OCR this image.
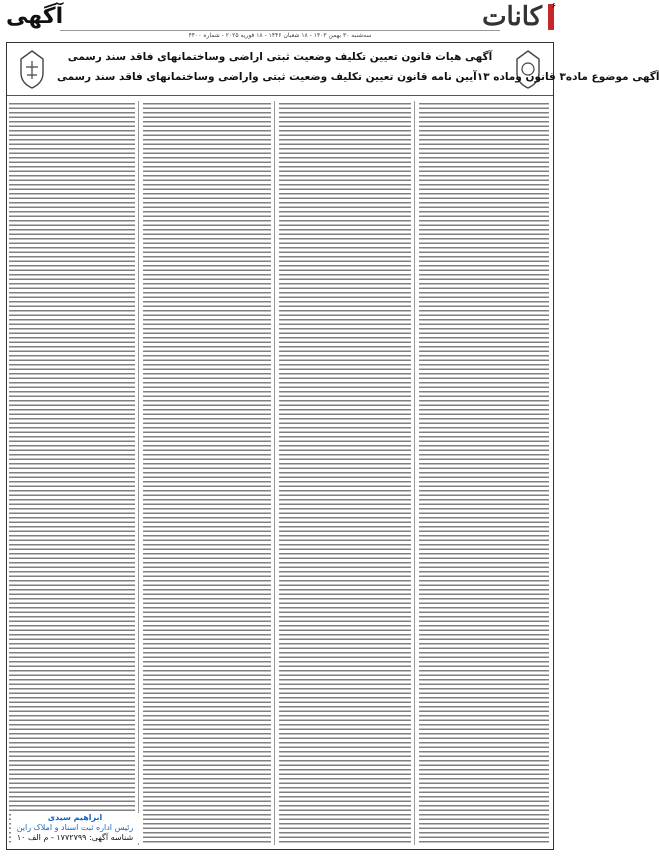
آگهی	کانات ۶
سه‌شنبه ۳۰ بهمن ۱۴۰۳ - ۱۸ شعبان ۱۴۴۶ - ۱۸ فوریه ۲۰۲۵ - شماره ۴۴۰۰
آگهی هیات قانون تعیین تکلیف وضعیت ثبتی اراضی وساختمانهای فاقد سند رسمی
آگهی موضوع ماده۳ قانون وماده ۱۳آیین نامه قانون تعیین تکلیف وضعیت ثبتی واراضی وساختمانهای فاقد سند رسمی
ابراهیم سیدی
رئیس اداره ثبت اسناد و املاک راین
شناسه آگهی: ۱۷۷۲۷۹۹ - م الف ۱۰
